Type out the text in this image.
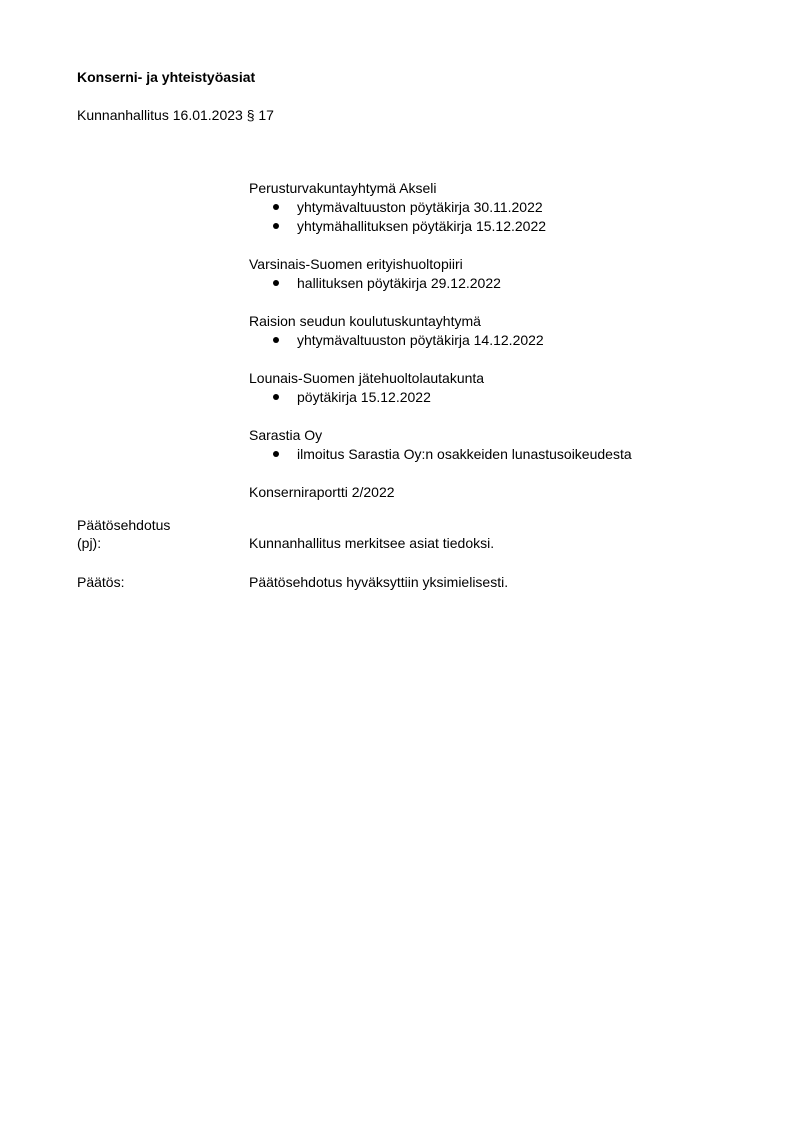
Konserni- ja yhteistyöasiat
Kunnanhallitus 16.01.2023 § 17
Perusturvakuntayhtymä Akseli
yhtymävaltuuston pöytäkirja 30.11.2022
yhtymähallituksen pöytäkirja 15.12.2022
Varsinais-Suomen erityishuoltopiiri
hallituksen pöytäkirja 29.12.2022
Raision seudun koulutuskuntayhtymä
yhtymävaltuuston pöytäkirja 14.12.2022
Lounais-Suomen jätehuoltolautakunta
pöytäkirja 15.12.2022
Sarastia Oy
ilmoitus Sarastia Oy:n osakkeiden lunastusoikeudesta
Konserniraportti 2/2022
Päätösehdotus
(pj):	Kunnanhallitus merkitsee asiat tiedoksi.
Päätös:	Päätösehdotus hyväksyttiin yksimielisesti.
